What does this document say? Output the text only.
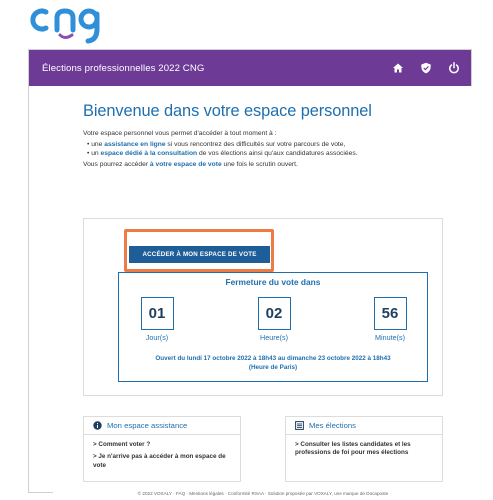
Élections professionnelles 2022 CNG
Bienvenue dans votre espace personnel
Votre espace personnel vous permet d'accéder à tout moment à :
• une assistance en ligne si vous rencontrez des difficultés sur votre parcours de vote,
• un espace dédié à la consultation de vos élections ainsi qu'aux candidatures associées.
Vous pourrez accéder à votre espace de vote une fois le scrutin ouvert.
ACCÉDER À MON ESPACE DE VOTE
Fermeture du vote dans
01
Jour(s)
02
Heure(s)
56
Minute(s)
Ouvert du lundi 17 octobre 2022 à 18h43 au dimanche 23 octobre 2022 à 18h43
(Heure de Paris)
Mon espace assistance
> Comment voter ?
> Je n'arrive pas à accéder à mon espace de vote
Mes élections
> Consulter les listes candidates et les professions de foi pour mes élections
© 2022 VOXALY · FAQ · Mentions légales · Conformité RSAA · Solution proposée par VOXALY, une marque de Docaposte
